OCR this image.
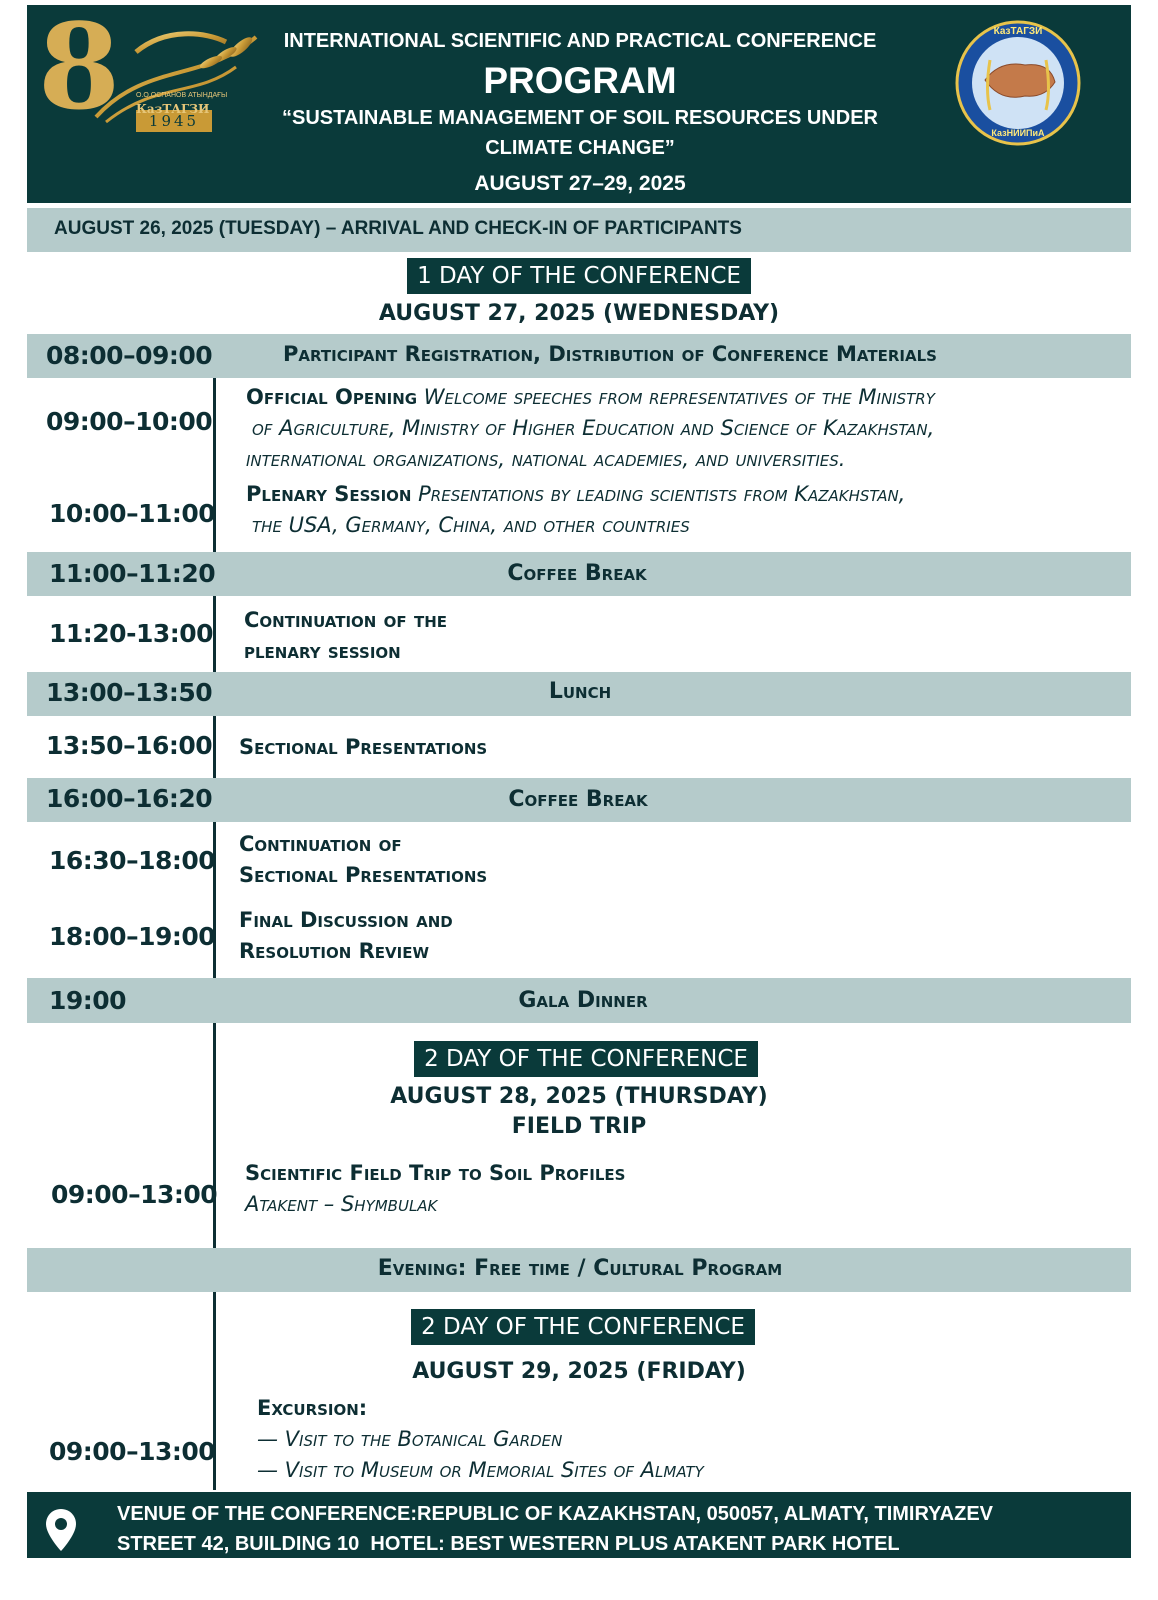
8 О.О.ОСПАНОВ АТЫНДАҒЫ
КазТАГЗИ
1945
КазТАГЗИ
КазНИИПиА
INTERNATIONAL SCIENTIFIC AND PRACTICAL CONFERENCE
PROGRAM
“SUSTAINABLE MANAGEMENT OF SOIL RESOURCES UNDER
CLIMATE CHANGE”
AUGUST 27–29, 2025
AUGUST 26, 2025 (TUESDAY) – ARRIVAL AND CHECK-IN OF PARTICIPANTS
1 DAY OF THE CONFERENCE
AUGUST 27, 2025 (WEDNESDAY)
08:00–09:00	Participant Registration, Distribution of Conference Materials
09:00–10:00
Official Opening Welcome speeches from representatives of the Ministry
of Agriculture, Ministry of Higher Education and Science of Kazakhstan,
international organizations, national academies, and universities.
10:00–11:00
Plenary Session Presentations by leading scientists from Kazakhstan,
the USA, Germany, China, and other countries
11:00–11:20	Coffee Break
11:20-13:00 Continuation of the
plenary session
13:00–13:50	Lunch
13:50–16:00 Sectional Presentations
16:00–16:20	Coffee Break
16:30–18:00
Continuation of
Sectional Presentations
18:00–19:00
Final Discussion and
Resolution Review
19:00	Gala Dinner
2 DAY OF THE CONFERENCE
AUGUST 28, 2025 (THURSDAY)
FIELD TRIP
09:00–13:00
Scientific Field Trip to Soil Profiles
Atakent – Shymbulak
Evening: Free time / Cultural Program
2 DAY OF THE CONFERENCE
AUGUST 29, 2025 (FRIDAY)
09:00–13:00
Excursion:
— Visit to the Botanical Garden
— Visit to Museum or Memorial Sites of Almaty
VENUE OF THE CONFERENCE:REPUBLIC OF KAZAKHSTAN, 050057, ALMATY, TIMIRYAZEV
STREET 42, BUILDING 10  HOTEL: BEST WESTERN PLUS ATAKENT PARK HOTEL
